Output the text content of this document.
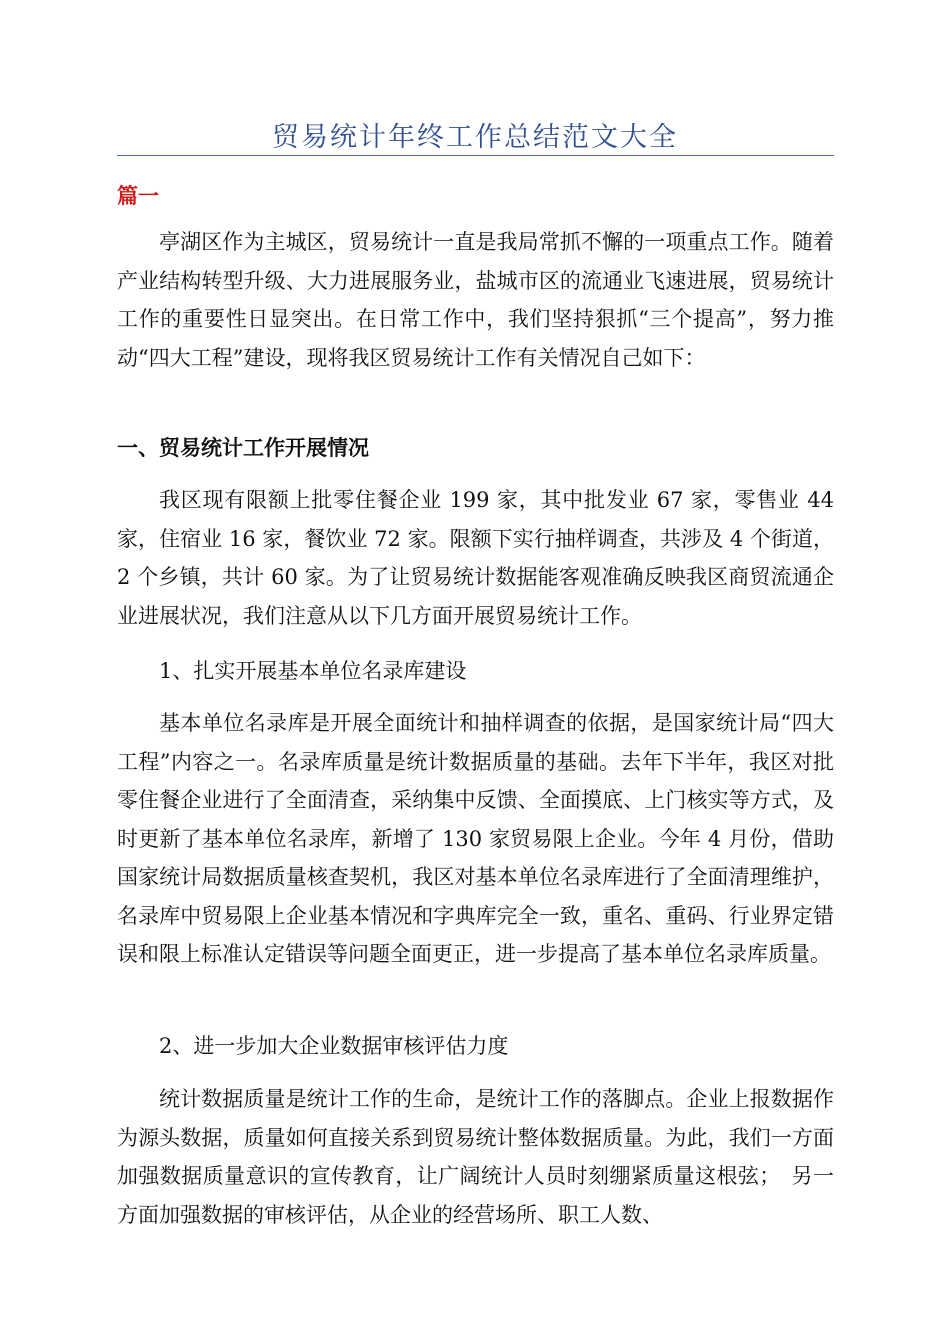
贸易统计年终工作总结范文大全
篇一

亭湖区作为主城区，贸易统计一直是我局常抓不懈的一项重点工作。随着产业结构转型升级、大力进展服务业，盐城市区的流通业飞速进展，贸易统计工作的重要性日显突出。在日常工作中，我们坚持狠抓“三个提高”，努力推动“四大工程”建设，现将我区贸易统计工作有关情况自己如下：

一、贸易统计工作开展情况

我区现有限额上批零住餐企业 199 家，其中批发业 67 家，零售业 44 家，住宿业 16 家，餐饮业 72 家。限额下实行抽样调查，共涉及 4 个街道，2 个乡镇，共计 60 家。为了让贸易统计数据能客观准确反映我区商贸流通企业进展状况，我们注意从以下几方面开展贸易统计工作。

1、扎实开展基本单位名录库建设

基本单位名录库是开展全面统计和抽样调查的依据，是国家统计局“四大工程”内容之一。名录库质量是统计数据质量的基础。去年下半年，我区对批零住餐企业进行了全面清查，采纳集中反馈、全面摸底、上门核实等方式，及时更新了基本单位名录库，新增了 130 家贸易限上企业。今年 4 月份，借助国家统计局数据质量核查契机，我区对基本单位名录库进行了全面清理维护，名录库中贸易限上企业基本情况和字典库完全一致，重名、重码、行业界定错误和限上标准认定错误等问题全面更正，进一步提高了基本单位名录库质量。

2、进一步加大企业数据审核评估力度

统计数据质量是统计工作的生命，是统计工作的落脚点。企业上报数据作为源头数据，质量如何直接关系到贸易统计整体数据质量。为此，我们一方面加强数据质量意识的宣传教育，让广阔统计人员时刻绷紧质量这根弦；　另一方面加强数据的审核评估，从企业的经营场所、职工人数、
